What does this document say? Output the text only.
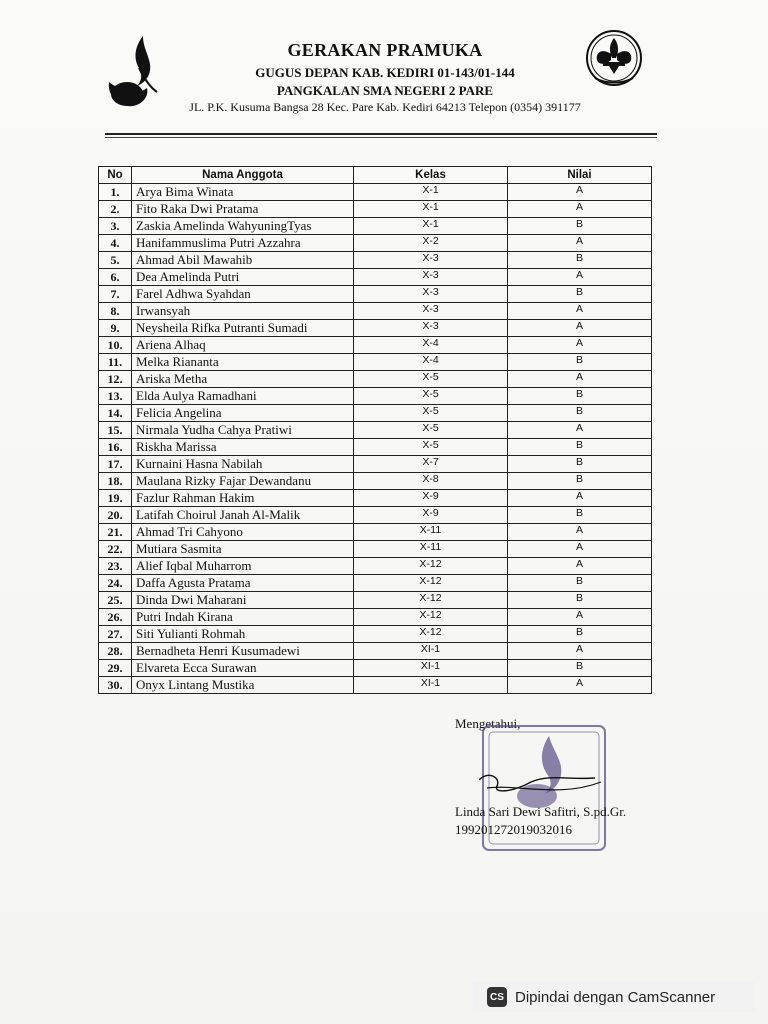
GERAKAN PRAMUKA
GUGUS DEPAN KAB. KEDIRI 01-143/01-144
PANGKALAN SMA NEGERI 2 PARE
JL. P.K. Kusuma Bangsa 28 Kec. Pare Kab. Kediri 64213 Telepon (0354) 391177
No	Nama Anggota	Kelas	Nilai
1.	Arya Bima Winata	X-1	A
2.	Fito Raka Dwi Pratama	X-1	A
3.	Zaskia Amelinda WahyuningTyas	X-1	B
4.	Hanifammuslima Putri Azzahra	X-2	A
5.	Ahmad Abil Mawahib	X-3	B
6.	Dea Amelinda Putri	X-3	A
7.	Farel Adhwa Syahdan	X-3	B
8.	Irwansyah	X-3	A
9.	Neysheila Rifka Putranti Sumadi	X-3	A
10.	Ariena Alhaq	X-4	A
11.	Melka Riananta	X-4	B
12.	Ariska Metha	X-5	A
13.	Elda Aulya Ramadhani	X-5	B
14.	Felicia Angelina	X-5	B
15.	Nirmala Yudha Cahya Pratiwi	X-5	A
16.	Riskha Marissa	X-5	B
17.	Kurnaini Hasna Nabilah	X-7	B
18.	Maulana Rizky Fajar Dewandanu	X-8	B
19.	Fazlur Rahman Hakim	X-9	A
20.	Latifah Choirul Janah Al-Malik	X-9	B
21.	Ahmad Tri Cahyono	X-11	A
22.	Mutiara Sasmita	X-11	A
23.	Alief Iqbal Muharrom	X-12	A
24.	Daffa Agusta Pratama	X-12	B
25.	Dinda Dwi Maharani	X-12	B
26.	Putri Indah Kirana	X-12	A
27.	Siti Yulianti Rohmah	X-12	B
28.	Bernadheta Henri Kusumadewi	XI-1	A
29.	Elvareta Ecca Surawan	XI-1	B
30.	Onyx Lintang Mustika	XI-1	A
Mengetahui,
Linda Sari Dewi Safitri, S.pd.Gr.
199201272019032016
CS Dipindai dengan CamScanner
